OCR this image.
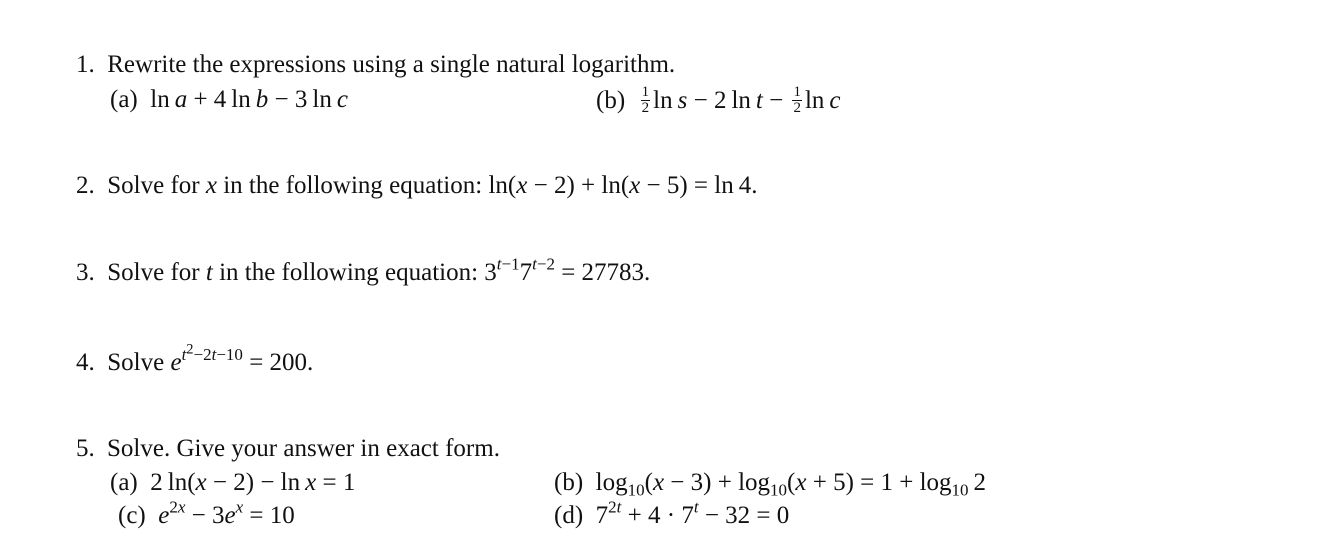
1.  Rewrite the expressions using a single natural logarithm.
(a)  ln a + 4 ln b − 3 ln c	$(b) \frac{1}{2}$ ln s − 2 $\ln t - \frac{1}{2}$ ln c
2.  Solve for x in the following equation: ln(x − 2) + ln(x − 5) = ln 4.
3.  Solve for t in the following equation: $3^{t-1}7^{t-2} = 27783$.
4.  Solve $e^{t^2-2t-10} = 200$.
5. Solve. Give your answer in exact form.
(a)  2 ln(x − 2) − ln x = 1	(b)  $\log_{10}(x - 3) + \log_{10}(x + 5) = 1 + \log_{10} 2$
(c) $e^{2x} - 3e^x = 10$	(d)  $7^{2t} + 4 \cdot 7^t - 32 = 0$
